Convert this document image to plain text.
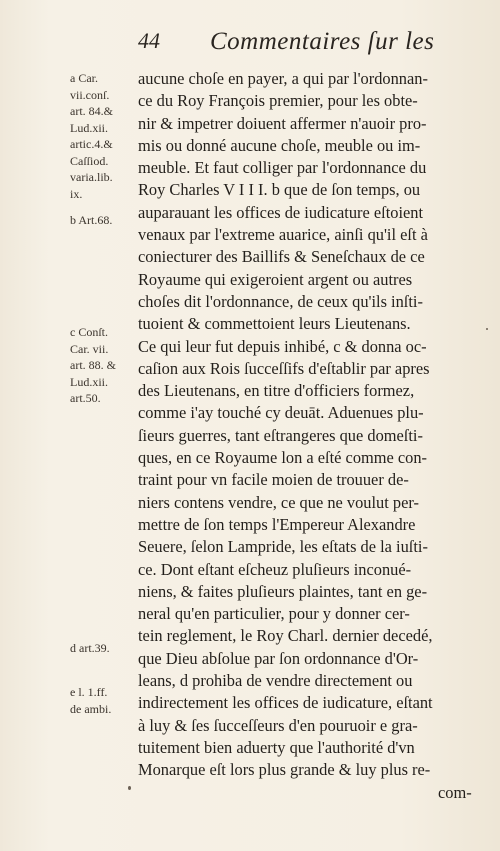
44 Commentaires ſur les
a Car.
vii.conſ.
art. 84.&
Lud.xii.
artic.4.&
Caſſiod.
varia.lib.
ix.
b Art.68.
c Conſt.
Car. vii.
art. 88. &
Lud.xii.
art.50.
d art.39.
e l. 1.ff.
de ambi.
aucune choſe en payer, a qui par l'ordonnan-
ce du Roy François premier, pour les obte-
nir & impetrer doiuent affermer n'auoir pro-
mis ou donné aucune choſe, meuble ou im-
meuble. Et faut colliger par l'ordonnance du
Roy Charles V I I I. b que de ſon temps, ou
auparauant les offices de iudicature eſtoient
venaux par l'extreme auarice, ainſi qu'il eſt à
coniecturer des Baillifs & Seneſchaux de ce
Royaume qui exigeroient argent ou autres
choſes dit l'ordonnance, de ceux qu'ils inſti-
tuoient & commettoient leurs Lieutenans.
Ce qui leur fut depuis inhibé, c & donna oc-
caſion aux Rois ſucceſſifs d'eſtablir par apres
des Lieutenans, en titre d'officiers formez,
comme i'ay touché cy deuāt. Aduenues plu-
ſieurs guerres, tant eſtrangeres que domeſti-
ques, en ce Royaume lon a eſté comme con-
traint pour vn facile moien de trouuer de-
niers contens vendre, ce que ne voulut per-
mettre de ſon temps l'Empereur Alexandre
Seuere, ſelon Lampride, les eſtats de la iuſti-
ce. Dont eſtant eſcheuz pluſieurs inconué-
niens, & faites pluſieurs plaintes, tant en ge-
neral qu'en particulier, pour y donner cer-
tein reglement, le Roy Charl. dernier decedé,
que Dieu abſolue par ſon ordonnance d'Or-
leans, d prohiba de vendre directement ou
indirectement les offices de iudicature, eſtant
à luy & ſes ſucceſſeurs d'en pouruoir e gra-
tuitement bien aduerty que l'authorité d'vn
Monarque eſt lors plus grande & luy plus re-
com-
